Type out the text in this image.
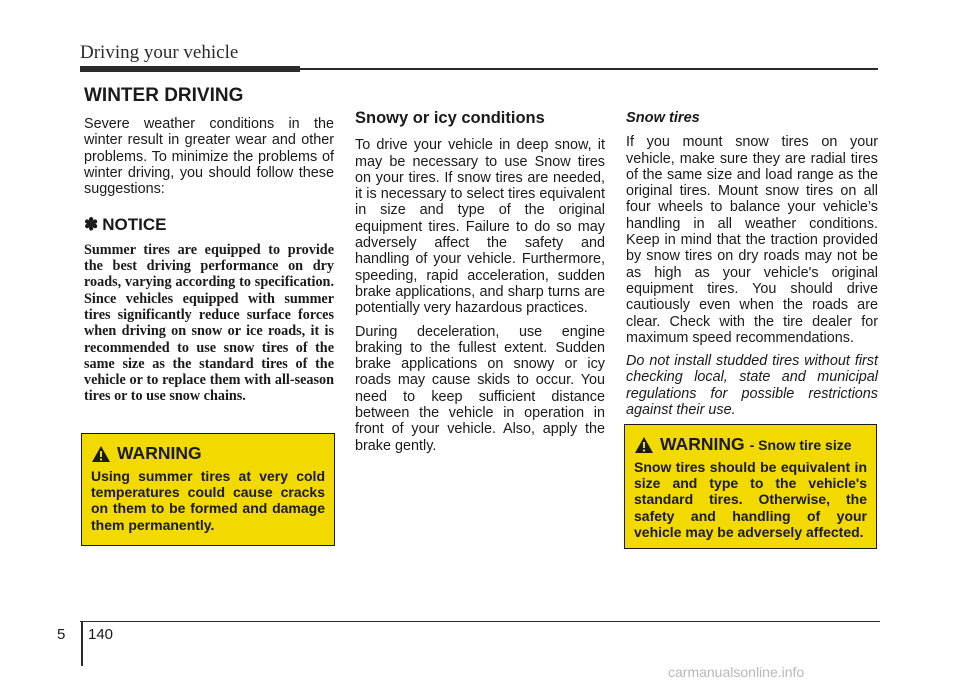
Driving your vehicle
WINTER DRIVING

Severe weather conditions in the winter result in greater wear and other problems. To minimize the problems of winter driving, you should follow these suggestions:

✽ NOTICE
Summer tires are equipped to provide the best driving performance on dry roads, varying according to specification. Since vehicles equipped with summer tires significantly reduce surface forces when driving on snow or ice roads, it is recommended to use snow tires of the same size as the standard tires of the vehicle or to replace them with all-season tires or to use snow chains.
Snowy or icy conditions

To drive your vehicle in deep snow, it may be necessary to use Snow tires on your tires. If snow tires are needed, it is necessary to select tires equivalent in size and type of the original equipment tires. Failure to do so may adversely affect the safety and handling of your vehicle. Furthermore, speeding, rapid acceleration, sudden brake applications, and sharp turns are potentially very hazardous practices.

During deceleration, use engine braking to the fullest extent. Sudden brake applications on snowy or icy roads may cause skids to occur. You need to keep sufficient distance between the vehicle in operation in front of your vehicle. Also, apply the brake gently.

Snow tires

If you mount snow tires on your vehicle, make sure they are radial tires of the same size and load range as the original tires. Mount snow tires on all four wheels to balance your vehicle’s handling in all weather conditions. Keep in mind that the traction provided by snow tires on dry roads may not be as high as your vehicle's original equipment tires. You should drive cautiously even when the roads are clear. Check with the tire dealer for maximum speed recommendations.

Do not install studded tires without first checking local, state and municipal regulations for possible restrictions against their use.

WARNING
Using summer tires at very cold temperatures could cause cracks on them to be formed and damage them permanently.
WARNING - Snow tire size
Snow tires should be equivalent in size and type to the vehicle's standard tires. Otherwise, the safety and handling of your vehicle may be adversely affected.
5 140
carmanualsonline.info
